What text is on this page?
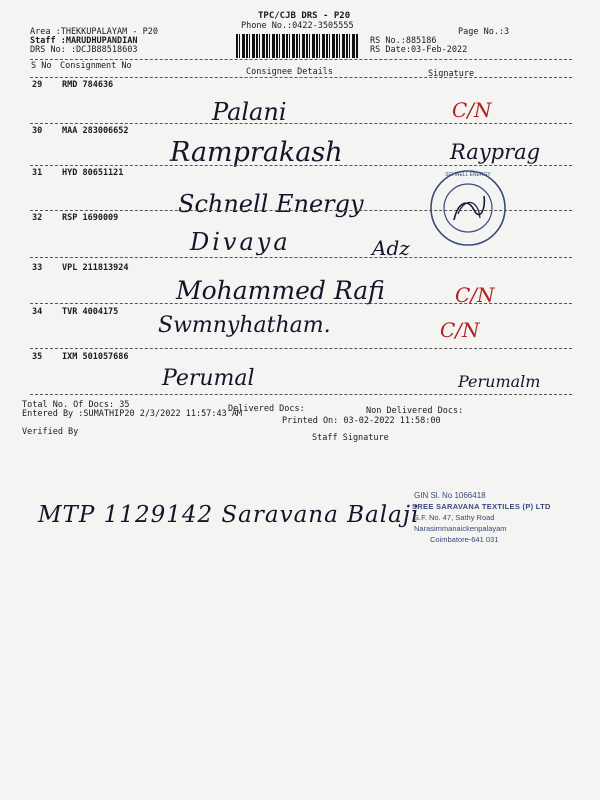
TPC/CJB DRS - P20
Phone No.:0422-3505555
Area :THEKKUPALAYAM - P20
Staff :MARUDHUPANDIAN
DRS No: :DCJB88518603
Page No.:3
RS No.:885186
RS Date:03-Feb-2022
S No Consignment No
Consignee Details	Signature
29 RMD 784636
Palani	C/N
30 MAA 283006652
Ramprakash	Rayprag
31 HYD 80651121
Schnell Energy
32 RSP 1690009
Divaya	Adz
33 VPL 211813924
Mohammed Rafi	C/N
34 TVR 4004175
Swmnyhatham.	C/N
35 IXM 501057686
Perumal	Perumalm
SCHNELL ENERGY
Total No. Of Docs: 35	Delivered Docs:	Non Delivered Docs:
Entered By :SUMATHIP20 2/3/2022 11:57:43 AM
Printed On: 03-02-2022 11:58:00
Verified By
Staff Signature
MTP 1129142 Saravana Balaji
GIN Sl. No 1066418
SREE SARAVANA TEXTILES (P) LTD
S.F. No. 47, Sathy Road
Narasimmanaickenpalayam
Coimbatore-641 031
